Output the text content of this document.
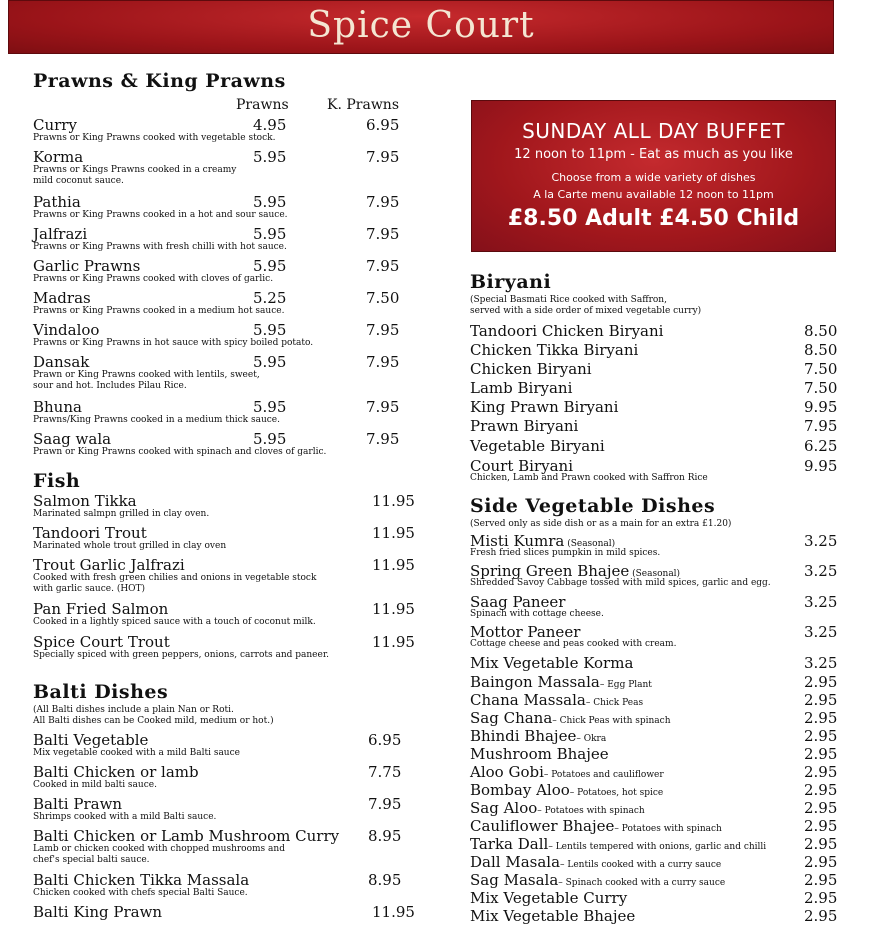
Spice Court
Prawns & King Prawns
Prawns	K. Prawns
Curry
Prawns or King Prawns cooked with vegetable stock.
4.95	6.95
Korma
Prawns or Kings Prawns cooked in a creamy
mild coconut sauce.
5.95	7.95
Pathia
Prawns or King Prawns cooked in a hot and sour sauce.
5.95	7.95
Jalfrazi
Prawns or King Prawns with fresh chilli with hot sauce.
5.95	7.95
Garlic Prawns
Prawns or King Prawns cooked with cloves of garlic.
5.95	7.95
Madras
Prawns or King Prawns cooked in a medium hot sauce.
5.25	7.50
Vindaloo
Prawns or King Prawns in hot sauce with spicy boiled potato.
5.95	7.95
Dansak
Prawn or King Prawns cooked with lentils, sweet,
sour and hot. Includes Pilau Rice.
5.95	7.95
Bhuna
Prawns/King Prawns cooked in a medium thick sauce.
5.95	7.95
Saag wala
Prawn or King Prawns cooked with spinach and cloves of garlic.
5.95	7.95
Fish
Salmon Tikka
Marinated salmpn grilled in clay oven.
11.95
Tandoori Trout
Marinated whole trout grilled in clay oven
11.95
Trout Garlic Jalfrazi
Cooked with fresh green chilies and onions in vegetable stock
with garlic sauce. (HOT)
11.95
Pan Fried Salmon
Cooked in a lightly spiced sauce with a touch of coconut milk.
11.95
Spice Court Trout
Specially spiced with green peppers, onions, carrots and paneer.
11.95
Balti Dishes
(All Balti dishes include a plain Nan or Roti.
All Balti dishes can be Cooked mild, medium or hot.)
Balti Vegetable
Mix vegetable cooked with a mild Balti sauce
6.95
Balti Chicken or lamb
Cooked in mild balti sauce.
7.75
Balti Prawn
Shrimps cooked with a mild Balti sauce.
7.95
Balti Chicken or Lamb Mushroom Curry
Lamb or chicken cooked with chopped mushrooms and
chef's special balti sauce.
8.95
Balti Chicken Tikka Massala
Chicken cooked with chefs special Balti Sauce.
8.95
Balti King Prawn	11.95
SUNDAY ALL DAY BUFFET
12 noon to 11pm - Eat as much as you like
Choose from a wide variety of dishes
A la Carte menu available 12 noon to 11pm
£8.50 Adult £4.50 Child
Biryani
(Special Basmati Rice cooked with Saffron,
served with a side order of mixed vegetable curry)
Tandoori Chicken Biryani	8.50
Chicken Tikka Biryani	8.50
Chicken Biryani	7.50
Lamb Biryani	7.50
King Prawn Biryani	9.95
Prawn Biryani	7.95
Vegetable Biryani	6.25
Court Biryani
Chicken, Lamb and Prawn cooked with Saffron Rice
9.95
Side Vegetable Dishes
(Served only as side dish or as a main for an extra £1.20)
Misti Kumra (Seasonal)
Fresh fried slices pumpkin in mild spices.
3.25
Spring Green Bhajee (Seasonal)
Shredded Savoy Cabbage tossed with mild spices, garlic and egg.
3.25
Saag Paneer
Spinach with cottage cheese.
3.25
Mottor Paneer
Cottage cheese and peas cooked with cream.
3.25
Mix Vegetable Korma	3.25
Baingon Massala– Egg Plant	2.95
Chana Massala– Chick Peas	2.95
Sag Chana– Chick Peas with spinach	2.95
Bhindi Bhajee– Okra	2.95
Mushroom Bhajee	2.95
Aloo Gobi– Potatoes and cauliflower	2.95
Bombay Aloo– Potatoes, hot spice	2.95
Sag Aloo– Potatoes with spinach	2.95
Cauliflower Bhajee– Potatoes with spinach	2.95
Tarka Dall– Lentils tempered with onions, garlic and chilli	2.95
Dall Masala– Lentils cooked with a curry sauce	2.95
Sag Masala– Spinach cooked with a curry sauce	2.95
Mix Vegetable Curry	2.95
Mix Vegetable Bhajee	2.95
